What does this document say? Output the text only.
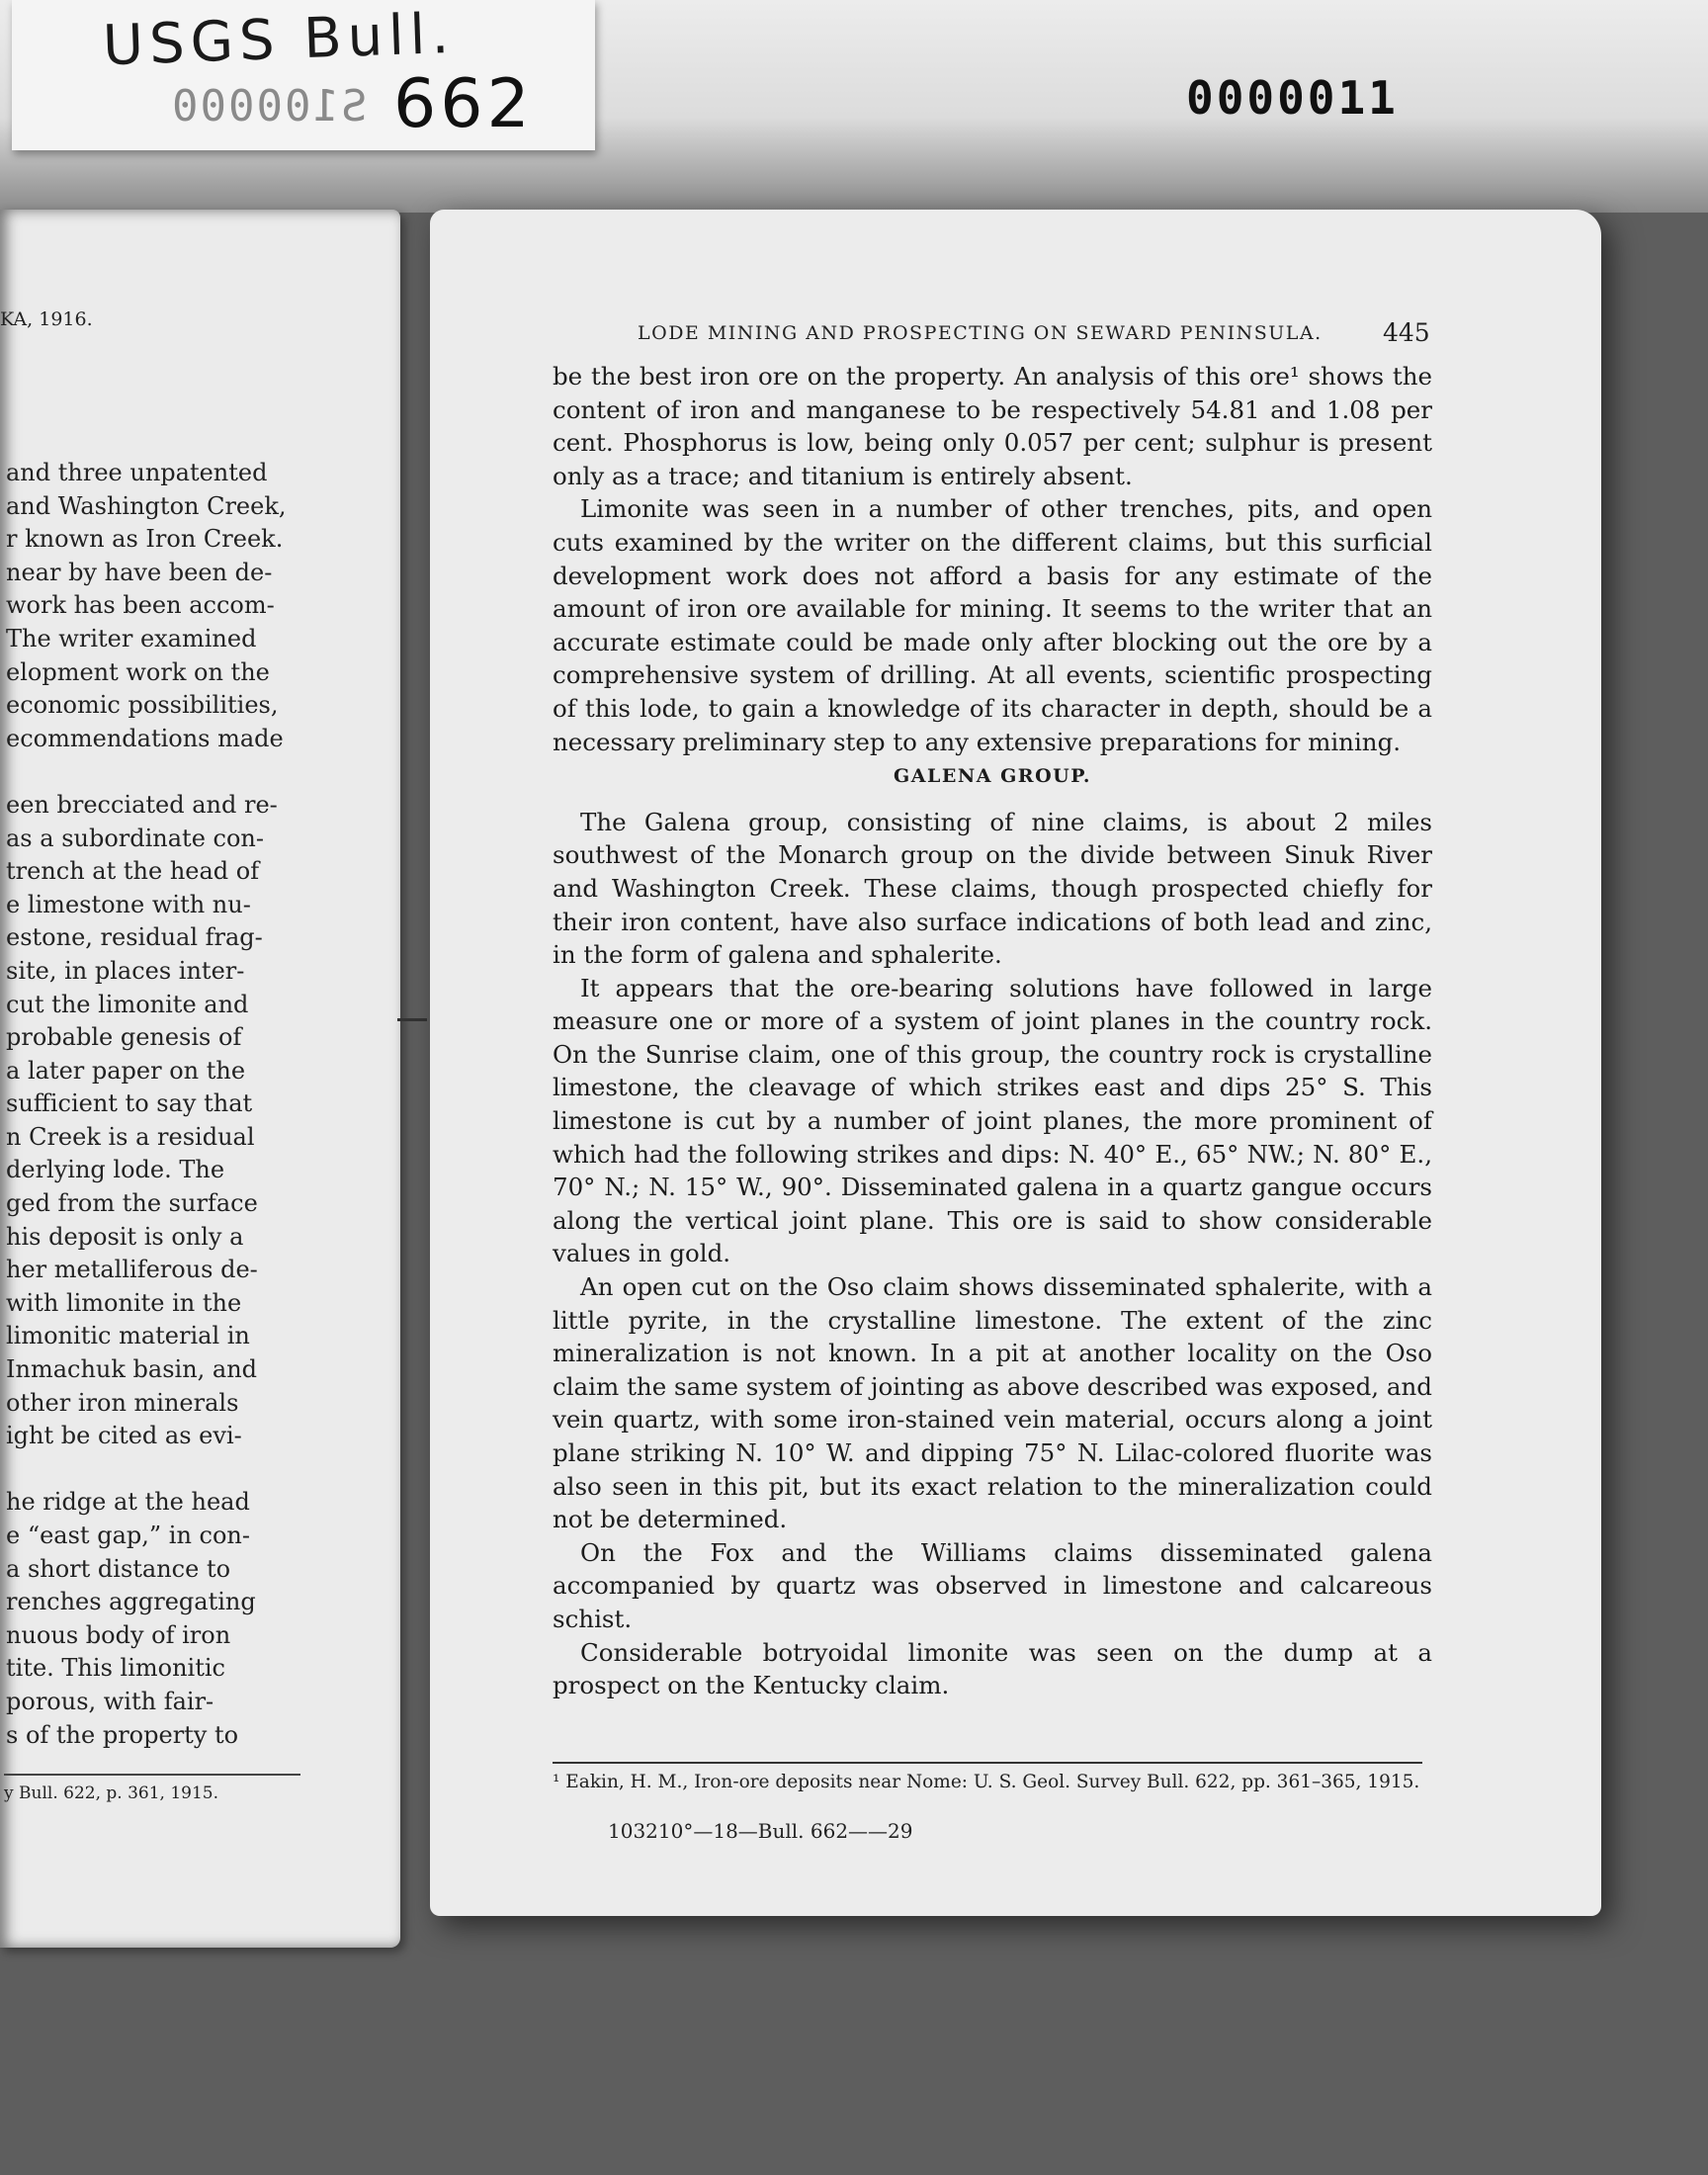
USGS Bull.

S100000 662	0000011

KA, 1916.

and three unpatented
and Washington Creek,
r known as Iron Creek.
near by have been de-
work has been accom-
The writer examined
elopment work on the
economic possibilities,
ecommendations made
een brecciated and re-
as a subordinate con-
trench at the head of
e limestone with nu-
estone, residual frag-
site, in places inter-
cut the limonite and
probable genesis of
a later paper on the
sufficient to say that
n Creek is a residual
derlying lode. The
ged from the surface
his deposit is only a
her metalliferous de-
with limonite in the
limonitic material in
Inmachuk basin, and
other iron minerals
ight be cited as evi-
he ridge at the head
e “east gap,” in con-
a short distance to
renches aggregating
nuous body of iron
tite. This limonitic
porous, with fair-
s of the property to

y Bull. 622, p. 361, 1915.

LODE MINING AND PROSPECTING ON SEWARD PENINSULA. 445

be the best iron ore on the property. An analysis of this ore¹ shows the content of iron and manganese to be respectively 54.81 and 1.08 per cent. Phosphorus is low, being only 0.057 per cent; sulphur is present only as a trace; and titanium is entirely absent.

Limonite was seen in a number of other trenches, pits, and open cuts examined by the writer on the different claims, but this surficial development work does not afford a basis for any estimate of the amount of iron ore available for mining. It seems to the writer that an accurate estimate could be made only after blocking out the ore by a comprehensive system of drilling. At all events, scientific prospecting of this lode, to gain a knowledge of its character in depth, should be a necessary preliminary step to any extensive preparations for mining.

GALENA GROUP.

The Galena group, consisting of nine claims, is about 2 miles southwest of the Monarch group on the divide between Sinuk River and Washington Creek. These claims, though prospected chiefly for their iron content, have also surface indications of both lead and zinc, in the form of galena and sphalerite.

It appears that the ore-bearing solutions have followed in large measure one or more of a system of joint planes in the country rock. On the Sunrise claim, one of this group, the country rock is crystalline limestone, the cleavage of which strikes east and dips 25° S. This limestone is cut by a number of joint planes, the more prominent of which had the following strikes and dips: N. 40° E., 65° NW.; N. 80° E., 70° N.; N. 15° W., 90°. Disseminated galena in a quartz gangue occurs along the vertical joint plane. This ore is said to show considerable values in gold.

An open cut on the Oso claim shows disseminated sphalerite, with a little pyrite, in the crystalline limestone. The extent of the zinc mineralization is not known. In a pit at another locality on the Oso claim the same system of jointing as above described was exposed, and vein quartz, with some iron-stained vein material, occurs along a joint plane striking N. 10° W. and dipping 75° N. Lilac-colored fluorite was also seen in this pit, but its exact relation to the mineralization could not be determined.

On the Fox and the Williams claims disseminated galena accompanied by quartz was observed in limestone and calcareous schist.

Considerable botryoidal limonite was seen on the dump at a prospect on the Kentucky claim.

¹ Eakin, H. M., Iron-ore deposits near Nome: U. S. Geol. Survey Bull. 622, pp. 361–365, 1915.

103210°—18—Bull. 662——29
